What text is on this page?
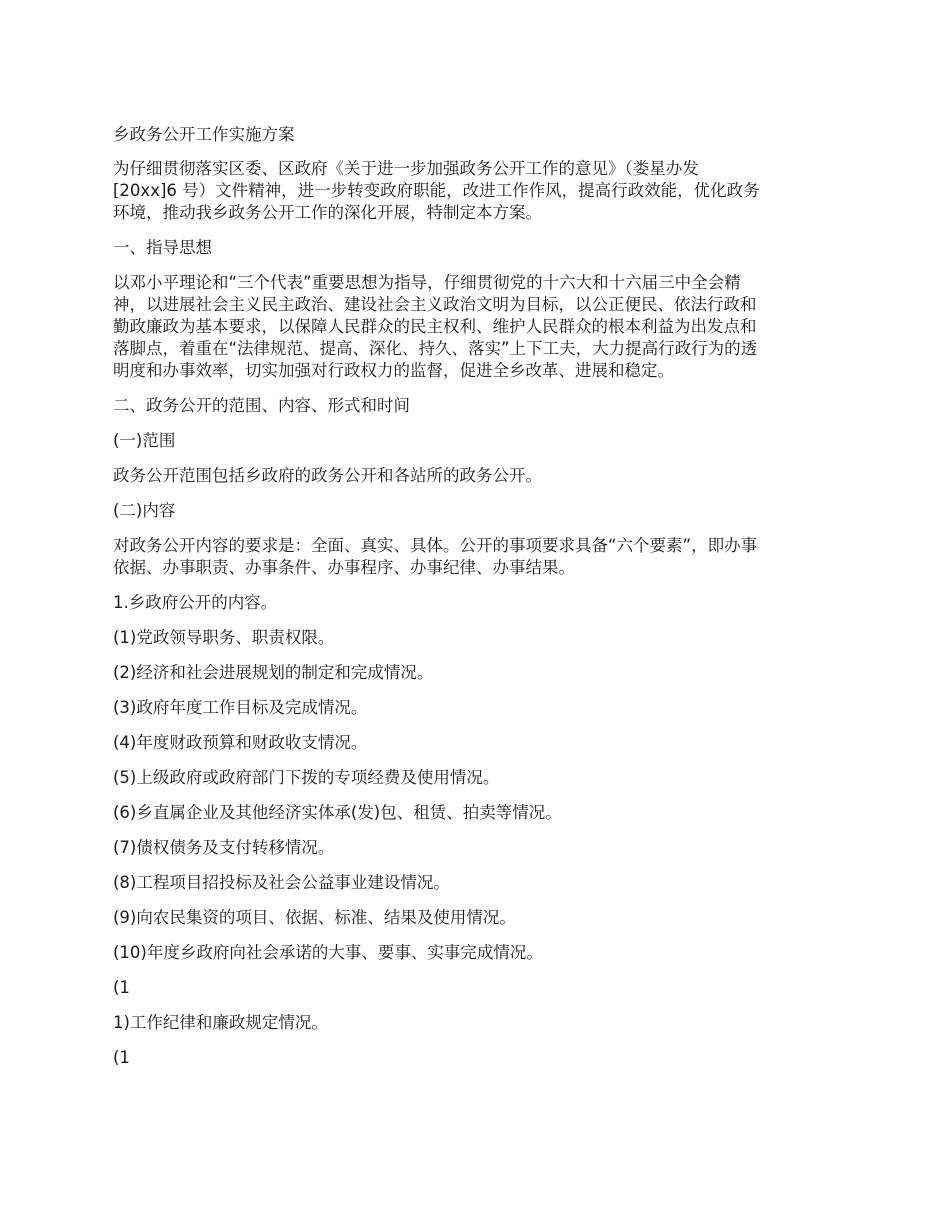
乡政务公开工作实施方案

为仔细贯彻落实区委、区政府《关于进一步加强政务公开工作的意见》（娄星办发
[20xx]6 号）文件精神，进一步转变政府职能，改进工作作风，提高行政效能，优化政务
环境，推动我乡政务公开工作的深化开展，特制定本方案。

一、指导思想

以邓小平理论和“三个代表”重要思想为指导，仔细贯彻党的十六大和十六届三中全会精
神，以进展社会主义民主政治、建设社会主义政治文明为目标，以公正便民、依法行政和
勤政廉政为基本要求，以保障人民群众的民主权利、维护人民群众的根本利益为出发点和
落脚点，着重在“法律规范、提高、深化、持久、落实”上下工夫，大力提高行政行为的透
明度和办事效率，切实加强对行政权力的监督，促进全乡改革、进展和稳定。

二、政务公开的范围、内容、形式和时间

(一)范围

政务公开范围包括乡政府的政务公开和各站所的政务公开。

(二)内容

对政务公开内容的要求是：全面、真实、具体。公开的事项要求具备“六个要素”，即办事
依据、办事职责、办事条件、办事程序、办事纪律、办事结果。

1.乡政府公开的内容。

(1)党政领导职务、职责权限。

(2)经济和社会进展规划的制定和完成情况。

(3)政府年度工作目标及完成情况。

(4)年度财政预算和财政收支情况。

(5)上级政府或政府部门下拨的专项经费及使用情况。

(6)乡直属企业及其他经济实体承(发)包、租赁、拍卖等情况。

(7)债权债务及支付转移情况。

(8)工程项目招投标及社会公益事业建设情况。

(9)向农民集资的项目、依据、标准、结果及使用情况。

(10)年度乡政府向社会承诺的大事、要事、实事完成情况。

(1

1)工作纪律和廉政规定情况。

(1
